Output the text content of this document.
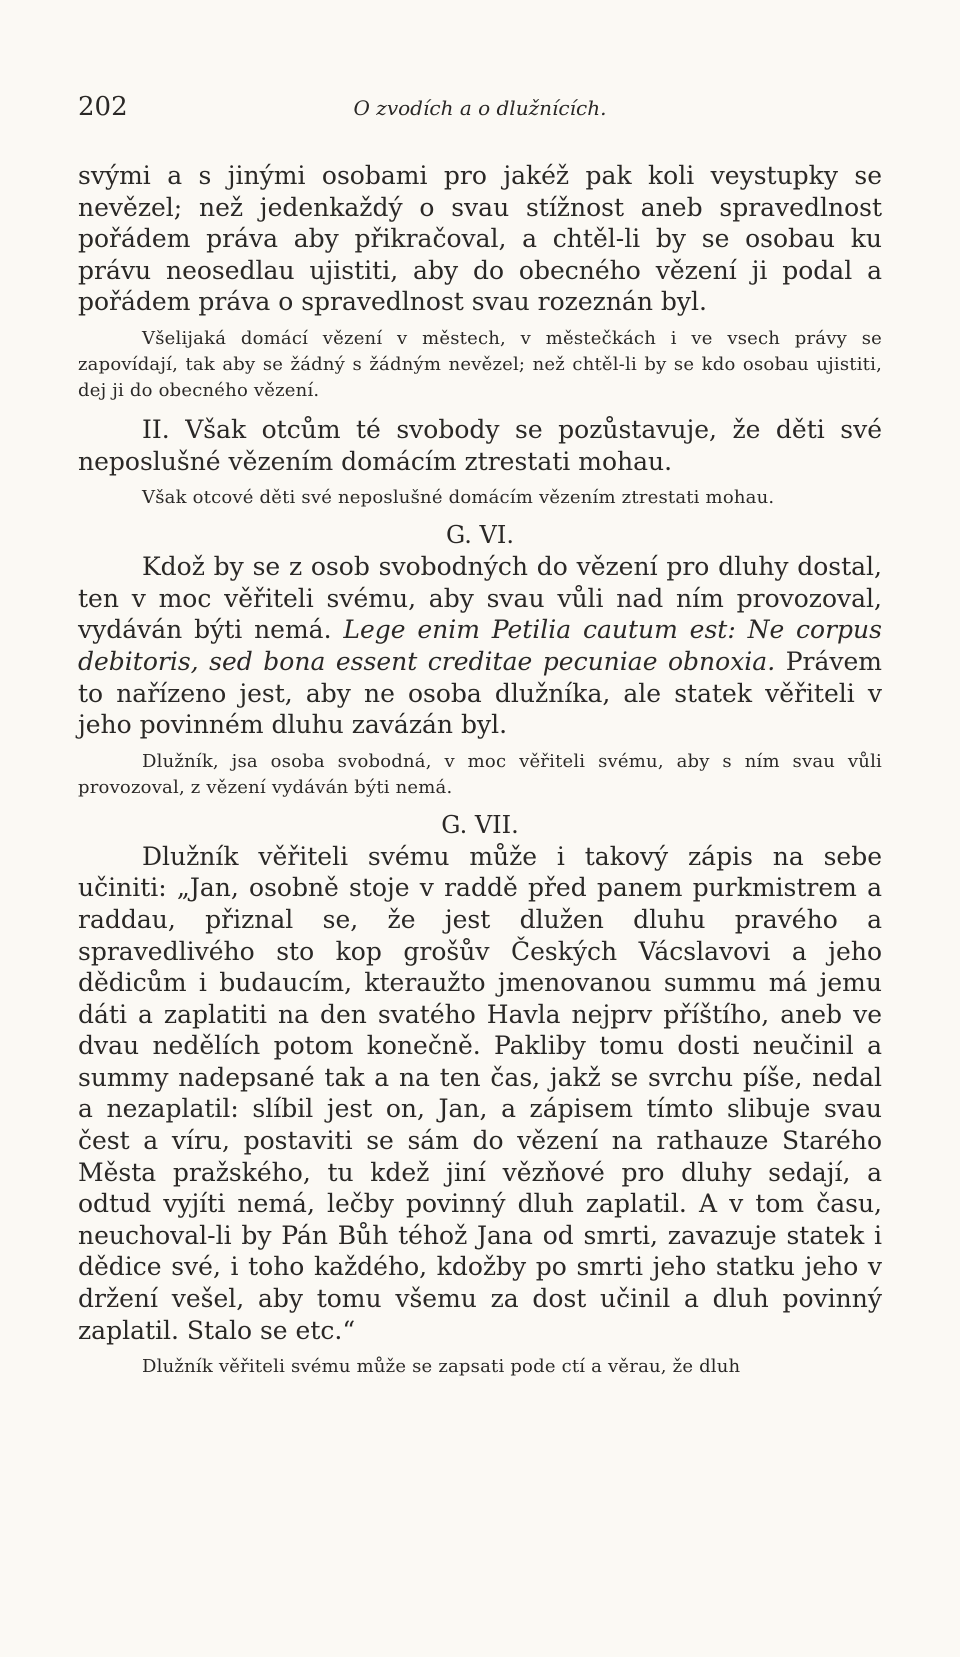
202	O zvodích a o dlužnících.

svými a s jinými osobami pro jakéž pak koli veystupky se nevězel; než jedenkaždý o svau stížnost aneb spravedlnost pořádem práva aby přikračoval, a chtěl-li by se osobau ku právu neosedlau ujistiti, aby do obecného vězení ji podal a pořádem práva o spravedlnost svau rozeznán byl.

Všelijaká domácí vězení v městech, v městečkách i ve vsech právy se zapovídají, tak aby se žádný s žádným nevězel; než chtěl-li by se kdo osobau ujistiti, dej ji do obecného vězení.

II. Však otcům té svobody se pozůstavuje, že děti své neposlušné vězením domácím ztrestati mohau.

Však otcové děti své neposlušné domácím vězením ztrestati mohau.

G. VI.

Kdož by se z osob svobodných do vězení pro dluhy dostal, ten v moc věřiteli svému, aby svau vůli nad ním provozoval, vydáván býti nemá. Lege enim Petilia cautum est: Ne corpus debitoris, sed bona essent creditae pecuniae obnoxia. Právem to nařízeno jest, aby ne osoba dlužníka, ale statek věřiteli v jeho povinném dluhu zavázán byl.

Dlužník, jsa osoba svobodná, v moc věřiteli svému, aby s ním svau vůli provozoval, z vězení vydáván býti nemá.

G. VII.

Dlužník věřiteli svému může i takový zápis na sebe učiniti: „Jan, osobně stoje v raddě před panem purkmistrem a raddau, přiznal se, že jest dlužen dluhu pravého a spravedlivého sto kop grošův Českých Vácslavovi a jeho dědicům i budaucím, kteraužto jmenovanou summu má jemu dáti a zaplatiti na den svatého Havla nejprv příštího, aneb ve dvau nedělích potom konečně. Pakliby tomu dosti neučinil a summy nadepsané tak a na ten čas, jakž se svrchu píše, nedal a nezaplatil: slíbil jest on, Jan, a zápisem tímto slibuje svau čest a víru, postaviti se sám do vězení na rathauze Starého Města pražského, tu kdež jiní vězňové pro dluhy sedají, a odtud vyjíti nemá, lečby povinný dluh zaplatil. A v tom času, neuchoval-li by Pán Bůh téhož Jana od smrti, zavazuje statek i dědice své, i toho každého, kdožby po smrti jeho statku jeho v držení vešel, aby tomu všemu za dost učinil a dluh povinný zaplatil. Stalo se etc.“

Dlužník věřiteli svému může se zapsati pode ctí a věrau, že dluh
